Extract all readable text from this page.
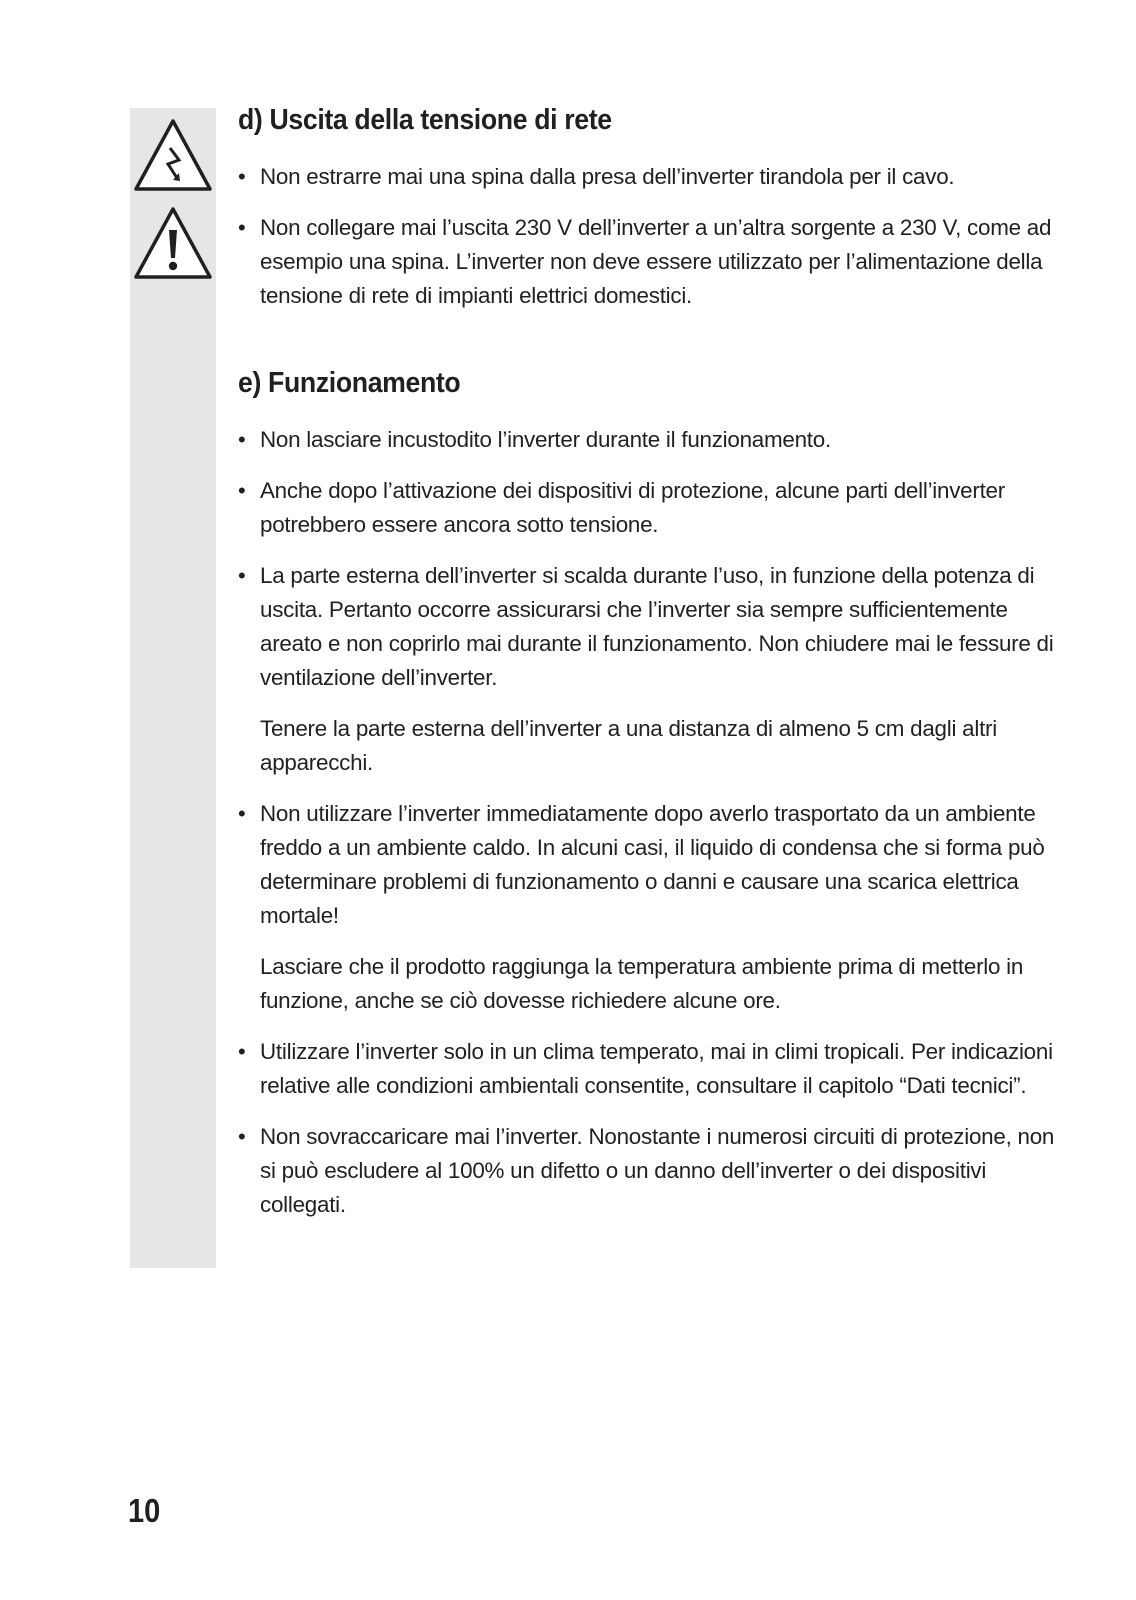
d) Uscita della tensione di rete
• Non estrarre mai una spina dalla presa dell’inverter tirandola per il cavo.

• Non collegare mai l’uscita 230 V dell’inverter a un’altra sorgente a 230 V, come ad esempio una spina. L’inverter non deve essere utilizzato per l’alimentazione della tensione di rete di impianti elettrici domestici.

e) Funzionamento
• Non lasciare incustodito l’inverter durante il funzionamento.

• Anche dopo l’attivazione dei dispositivi di protezione, alcune parti dell’inverter potrebbero essere ancora sotto tensione.

• La parte esterna dell’inverter si scalda durante l’uso, in funzione della potenza di uscita. Pertanto occorre assicurarsi che l’inverter sia sempre sufficientemente areato e non coprirlo mai durante il funzionamento. Non chiudere mai le fessure di ventilazione dell’inverter.

Tenere la parte esterna dell’inverter a una distanza di almeno 5 cm dagli altri apparecchi.

• Non utilizzare l’inverter immediatamente dopo averlo trasportato da un ambiente freddo a un ambiente caldo. In alcuni casi, il liquido di condensa che si forma può determinare problemi di funzionamento o danni e causare una scarica elettrica mortale!

Lasciare che il prodotto raggiunga la temperatura ambiente prima di metterlo in funzione, anche se ciò dovesse richiedere alcune ore.

• Utilizzare l’inverter solo in un clima temperato, mai in climi tropicali. Per indicazioni relative alle condizioni ambientali consentite, consultare il capitolo “Dati tecnici”.

• Non sovraccaricare mai l’inverter. Nonostante i numerosi circuiti di protezione, non si può escludere al 100% un difetto o un danno dell’inverter o dei dispositivi collegati.

10
